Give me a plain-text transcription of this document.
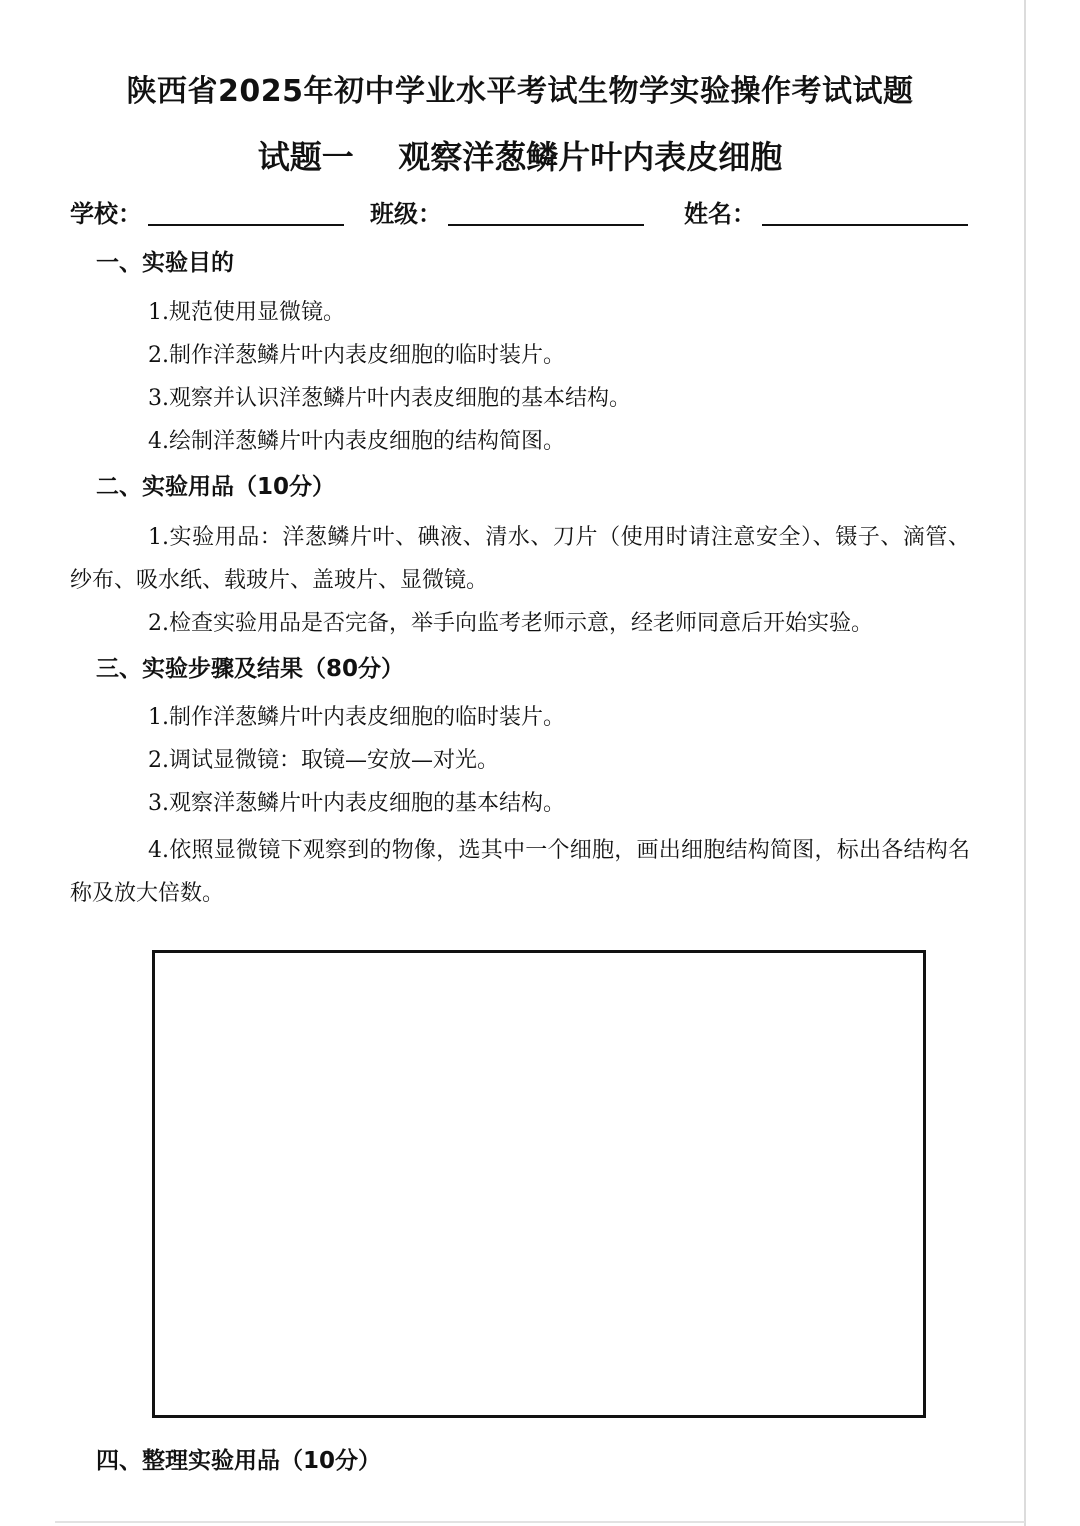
陕西省2025年初中学业水平考试生物学实验操作考试试题
试题一    观察洋葱鳞片叶内表皮细胞
学校：	班级：	姓名：
一、实验目的
1.规范使用显微镜。
2.制作洋葱鳞片叶内表皮细胞的临时装片。
3.观察并认识洋葱鳞片叶内表皮细胞的基本结构。
4.绘制洋葱鳞片叶内表皮细胞的结构简图。
二、实验用品（10分）
1.实验用品：洋葱鳞片叶、碘液、清水、刀片（使用时请注意安全）、镊子、滴管、纱布、吸水纸、载玻片、盖玻片、显微镜。
2.检查实验用品是否完备，举手向监考老师示意，经老师同意后开始实验。
三、实验步骤及结果（80分）
1.制作洋葱鳞片叶内表皮细胞的临时装片。
2.调试显微镜：取镜—安放—对光。
3.观察洋葱鳞片叶内表皮细胞的基本结构。
4.依照显微镜下观察到的物像，选其中一个细胞，画出细胞结构简图，标出各结构名称及放大倍数。
四、整理实验用品（10分）
